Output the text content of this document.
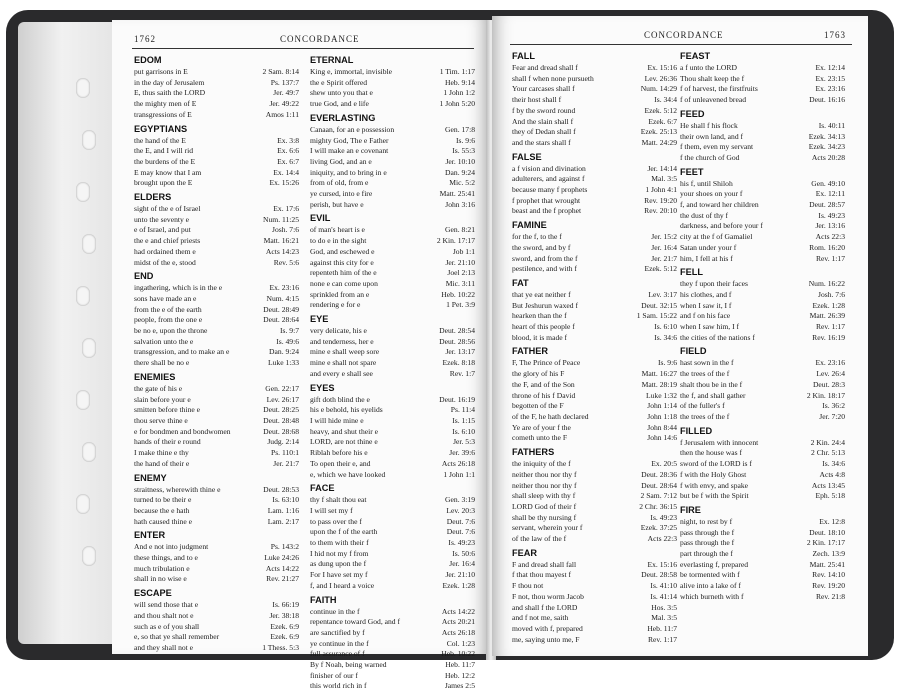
1762	CONCORDANCE
EDOM
put garrisons in E	2 Sam. 8:14
in the day of Jerusalem	Ps. 137:7
E, thus saith the LORD	Jer. 49:7
the mighty men of E	Jer. 49:22
transgressions of E	Amos 1:11
EGYPTIANS
the hand of the E	Ex. 3:8
the E, and I will rid	Ex. 6:6
the burdens of the E	Ex. 6:7
E may know that I am	Ex. 14:4
brought upon the E	Ex. 15:26
ELDERS
sight of the e of Israel	Ex. 17:6
unto the seventy e	Num. 11:25
e of Israel, and put	Josh. 7:6
the e and chief priests	Matt. 16:21
had ordained them e	Acts 14:23
midst of the e, stood	Rev. 5:6
END
ingathering, which is in the e	Ex. 23:16
sons have made an e	Num. 4:15
from the e of the earth	Deut. 28:49
people, from the one e	Deut. 28:64
be no e, upon the throne	Is. 9:7
salvation unto the e	Is. 49:6
transgression, and to make an e	Dan. 9:24
there shall be no e	Luke 1:33
ENEMIES
the gate of his e	Gen. 22:17
slain before your e	Lev. 26:17
smitten before thine e	Deut. 28:25
thou serve thine e	Deut. 28:48
e for bondmen and bondwomen	Deut. 28:68
hands of their e round	Judg. 2:14
I make thine e thy	Ps. 110:1
the hand of their e	Jer. 21:7
ENEMY
straitness, wherewith thine e	Deut. 28:53
turned to be their e	Is. 63:10
because the e hath	Lam. 1:16
hath caused thine e	Lam. 2:17
ENTER
And e not into judgment	Ps. 143:2
these things, and to e	Luke 24:26
much tribulation e	Acts 14:22
shall in no wise e	Rev. 21:27
ESCAPE
will send those that e	Is. 66:19
and thou shalt not e	Jer. 38:18
such as e of you shall	Ezek. 6:9
e, so that ye shall remember	Ezek. 6:9
and they shall not e	1 Thess. 5:3
ETERNAL
King e, immortal, invisible	1 Tim. 1:17
the e Spirit offered	Heb. 9:14
shew unto you that e	1 John 1:2
true God, and e life	1 John 5:20
EVERLASTING
Canaan, for an e possession	Gen. 17:8
mighty God, The e Father	Is. 9:6
I will make an e covenant	Is. 55:3
living God, and an e	Jer. 10:10
iniquity, and to bring in e	Dan. 9:24
from of old, from e	Mic. 5:2
ye cursed, into e fire	Matt. 25:41
perish, but have e	John 3:16
EVIL
of man's heart is e	Gen. 8:21
to do e in the sight	2 Kin. 17:17
God, and eschewed e	Job 1:1
against this city for e	Jer. 21:10
repenteth him of the e	Joel 2:13
none e can come upon	Mic. 3:11
sprinkled from an e	Heb. 10:22
rendering e for e	1 Pet. 3:9
EYE
very delicate, his e	Deut. 28:54
and tenderness, her e	Deut. 28:56
mine e shall weep sore	Jer. 13:17
mine e shall not spare	Ezek. 8:18
and every e shall see	Rev. 1:7
EYES
gift doth blind the e	Deut. 16:19
his e behold, his eyelids	Ps. 11:4
I will hide mine e	Is. 1:15
heavy, and shut their e	Is. 6:10
LORD, are not thine e	Jer. 5:3
Riblah before his e	Jer. 39:6
To open their e, and	Acts 26:18
e, which we have looked	1 John 1:1
FACE
thy f shalt thou eat	Gen. 3:19
I will set my f	Lev. 20:3
to pass over the f	Deut. 7:6
upon the f of the earth	Deut. 7:6
to them with their f	Is. 49:23
I hid not my f from	Is. 50:6
as dung upon the f	Jer. 16:4
For I have set my f	Jer. 21:10
f, and I heard a voice	Ezek. 1:28
FAITH
continue in the f	Acts 14:22
repentance toward God, and f	Acts 20:21
are sanctified by f	Acts 26:18
ye continue in the f	Col. 1:23
full assurance of f	Heb. 10:22
By f Noah, being warned	Heb. 11:7
finisher of our f	Heb. 12:2
this world rich in f	James 2:5
CONCORDANCE	1763
FALL
Fear and dread shall f	Ex. 15:16
shall f when none pursueth	Lev. 26:36
Your carcases shall f	Num. 14:29
their host shall f	Is. 34:4
f by the sword round	Ezek. 5:12
And the slain shall f	Ezek. 6:7
they of Dedan shall f	Ezek. 25:13
and the stars shall f	Matt. 24:29
FALSE
a f vision and divination	Jer. 14:14
adulterers, and against f	Mal. 3:5
because many f prophets	1 John 4:1
f prophet that wrought	Rev. 19:20
beast and the f prophet	Rev. 20:10
FAMINE
for the f, to the f	Jer. 15:2
the sword, and by f	Jer. 16:4
sword, and from the f	Jer. 21:7
pestilence, and with f	Ezek. 5:12
FAT
that ye eat neither f	Lev. 3:17
But Jeshurun waxed f	Deut. 32:15
hearken than the f	1 Sam. 15:22
heart of this people f	Is. 6:10
blood, it is made f	Is. 34:6
FATHER
F, The Prince of Peace	Is. 9:6
the glory of his F	Matt. 16:27
the F, and of the Son	Matt. 28:19
throne of his f David	Luke 1:32
begotten of the F	John 1:14
of the F, he hath declared	John 1:18
Ye are of your f the	John 8:44
cometh unto the F	John 14:6
FATHERS
the iniquity of the f	Ex. 20:5
neither thou nor thy f	Deut. 28:36
neither thou nor thy f	Deut. 28:64
shall sleep with thy f	2 Sam. 7:12
LORD God of their f	2 Chr. 36:15
shall be thy nursing f	Is. 49:23
servant, wherein your f	Ezek. 37:25
of the law of the f	Acts 22:3
FEAR
F and dread shall fall	Ex. 15:16
f that thou mayest f	Deut. 28:58
F thou not	Is. 41:10
F not, thou worm Jacob	Is. 41:14
and shall f the LORD	Hos. 3:5
and f not me, saith	Mal. 3:5
moved with f, prepared	Heb. 11:7
me, saying unto me, F	Rev. 1:17
FEAST
a f unto the LORD	Ex. 12:14
Thou shalt keep the f	Ex. 23:15
f of harvest, the firstfruits	Ex. 23:16
f of unleavened bread	Deut. 16:16
FEED
He shall f his flock	Is. 40:11
their own land, and f	Ezek. 34:13
f them, even my servant	Ezek. 34:23
f the church of God	Acts 20:28
FEET
his f, until Shiloh	Gen. 49:10
your shoes on your f	Ex. 12:11
f, and toward her children	Deut. 28:57
the dust of thy f	Is. 49:23
darkness, and before your f	Jer. 13:16
city at the f of Gamaliel	Acts 22:3
Satan under your f	Rom. 16:20
him, I fell at his f	Rev. 1:17
FELL
they f upon their faces	Num. 16:22
his clothes, and f	Josh. 7:6
when I saw it, I f	Ezek. 1:28
and f on his face	Matt. 26:39
when I saw him, I f	Rev. 1:17
the cities of the nations f	Rev. 16:19
FIELD
hast sown in the f	Ex. 23:16
the trees of the f	Lev. 26:4
shalt thou be in the f	Deut. 28:3
the f, and shall gather	2 Kin. 18:17
of the fuller's f	Is. 36:2
the trees of the f	Jer. 7:20
FILLED
f Jerusalem with innocent	2 Kin. 24:4
then the house was f	2 Chr. 5:13
sword of the LORD is f	Is. 34:6
f with the Holy Ghost	Acts 4:8
f with envy, and spake	Acts 13:45
but be f with the Spirit	Eph. 5:18
FIRE
night, to rest by f	Ex. 12:8
pass through the f	Deut. 18:10
pass through the f	2 Kin. 17:17
part through the f	Zech. 13:9
everlasting f, prepared	Matt. 25:41
be tormented with f	Rev. 14:10
alive into a lake of f	Rev. 19:20
which burneth with f	Rev. 21:8
